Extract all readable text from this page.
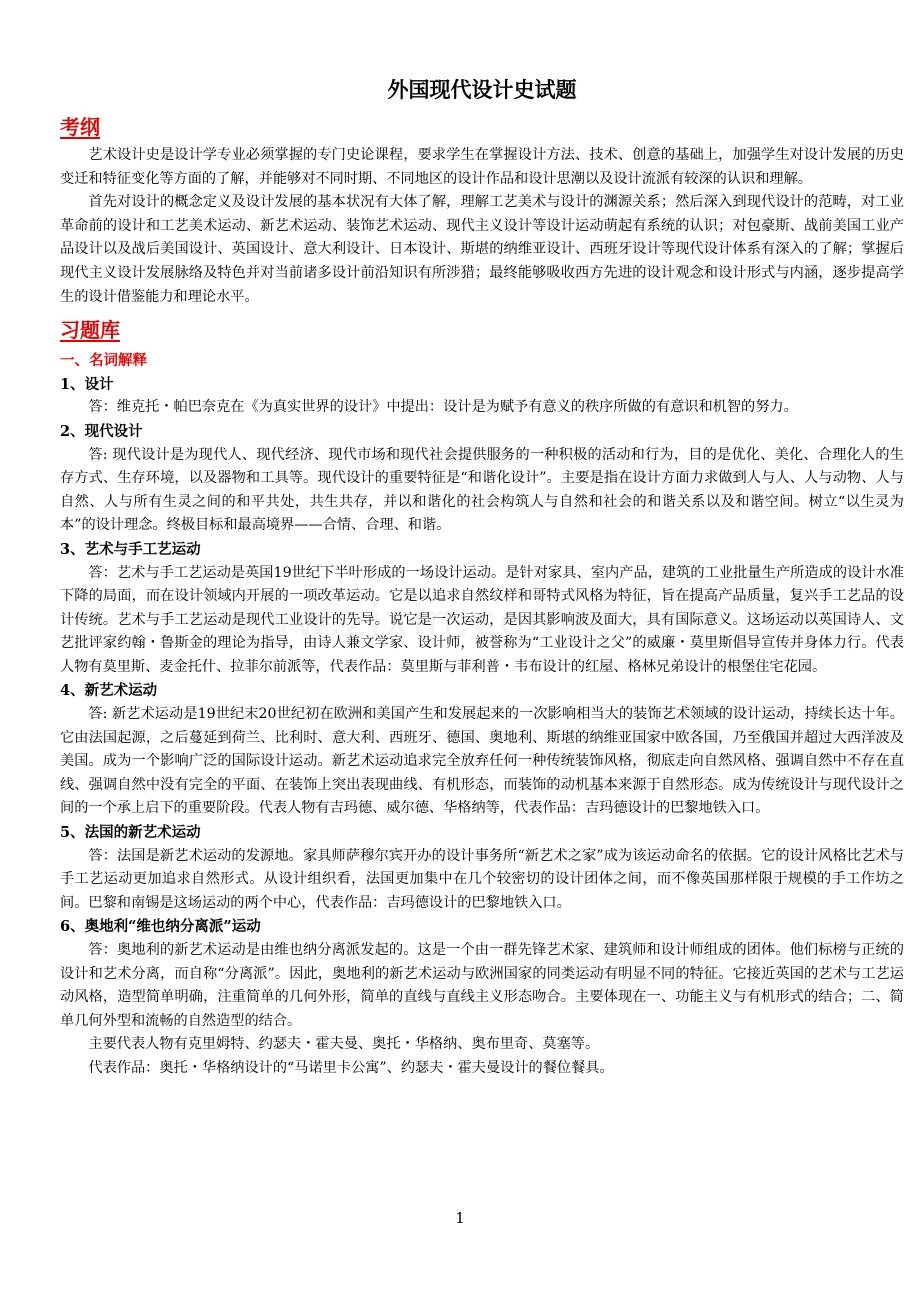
外国现代设计史试题
考纲

艺术设计史是设计学专业必须掌握的专门史论课程，要求学生在掌握设计方法、技术、创意的基础上，加强学生对设计发展的历史变迁和特征变化等方面的了解，并能够对不同时期、不同地区的设计作品和设计思潮以及设计流派有较深的认识和理解。

首先对设计的概念定义及设计发展的基本状况有大体了解，理解工艺美术与设计的渊源关系；然后深入到现代设计的范畴，对工业革命前的设计和工艺美术运动、新艺术运动、装饰艺术运动、现代主义设计等设计运动萌起有系统的认识；对包豪斯、战前美国工业产品设计以及战后美国设计、英国设计、意大利设计、日本设计、斯堪的纳维亚设计、西班牙设计等现代设计体系有深入的了解；掌握后现代主义设计发展脉络及特色并对当前诸多设计前沿知识有所涉猎；最终能够吸收西方先进的设计观念和设计形式与内涵，逐步提高学生的设计借鉴能力和理论水平。

习题库
一、名词解释
1、设计

答：维克托・帕巴奈克在《为真实世界的设计》中提出：设计是为赋予有意义的秩序所做的有意识和机智的努力。

2、现代设计

答: 现代设计是为现代人、现代经济、现代市场和现代社会提供服务的一种积极的活动和行为，目的是优化、美化、合理化人的生存方式、生存环境，以及器物和工具等。现代设计的重要特征是“和谐化设计”。主要是指在设计方面力求做到人与人、人与动物、人与自然、人与所有生灵之间的和平共处，共生共存，并以和谐化的社会构筑人与自然和社会的和谐关系以及和谐空间。树立“以生灵为本”的设计理念。终极目标和最高境界——合情、合理、和谐。

3、艺术与手工艺运动

答：艺术与手工艺运动是英国19世纪下半叶形成的一场设计运动。是针对家具、室内产品，建筑的工业批量生产所造成的设计水准下降的局面，而在设计领域内开展的一项改革运动。它是以追求自然纹样和哥特式风格为特征，旨在提高产品质量，复兴手工艺品的设计传统。艺术与手工艺运动是现代工业设计的先导。说它是一次运动，是因其影响波及面大，具有国际意义。这场运动以英国诗人、文艺批评家约翰・鲁斯金的理论为指导，由诗人兼文学家、设计师，被誉称为“工业设计之父”的威廉・莫里斯倡导宣传并身体力行。代表人物有莫里斯、麦金托什、拉菲尔前派等，代表作品：莫里斯与菲利普・韦布设计的红屋、格林兄弟设计的根堡住宅花园。

4、新艺术运动

答: 新艺术运动是19世纪末20世纪初在欧洲和美国产生和发展起来的一次影响相当大的装饰艺术领域的设计运动，持续长达十年。它由法国起源，之后蔓延到荷兰、比利时、意大利、西班牙、德国、奥地利、斯堪的纳维亚国家中欧各国，乃至俄国并超过大西洋波及美国。成为一个影响广泛的国际设计运动。新艺术运动追求完全放弃任何一种传统装饰风格，彻底走向自然风格、强调自然中不存在直线、强调自然中没有完全的平面、在装饰上突出表现曲线、有机形态，而装饰的动机基本来源于自然形态。成为传统设计与现代设计之间的一个承上启下的重要阶段。代表人物有吉玛德、威尔德、华格纳等，代表作品：吉玛德设计的巴黎地铁入口。

5、法国的新艺术运动

答：法国是新艺术运动的发源地。家具师萨穆尔宾开办的设计事务所“新艺术之家”成为该运动命名的依据。它的设计风格比艺术与手工艺运动更加追求自然形式。从设计组织看，法国更加集中在几个较密切的设计团体之间，而不像英国那样限于规模的手工作坊之间。巴黎和南锡是这场运动的两个中心，代表作品：吉玛德设计的巴黎地铁入口。

6、奥地利“维也纳分离派”运动

答：奥地利的新艺术运动是由维也纳分离派发起的。这是一个由一群先锋艺术家、建筑师和设计师组成的团体。他们标榜与正统的设计和艺术分离，而自称“分离派”。因此，奥地利的新艺术运动与欧洲国家的同类运动有明显不同的特征。它接近英国的艺术与工艺运动风格，造型简单明确，注重简单的几何外形，简单的直线与直线主义形态吻合。主要体现在一、功能主义与有机形式的结合；二、简单几何外型和流畅的自然造型的结合。

主要代表人物有克里姆特、约瑟夫・霍夫曼、奥托・华格纳、奥布里奇、莫塞等。

代表作品：奥托・华格纳设计的“马诺里卡公寓”、约瑟夫・霍夫曼设计的餐位餐具。

1
